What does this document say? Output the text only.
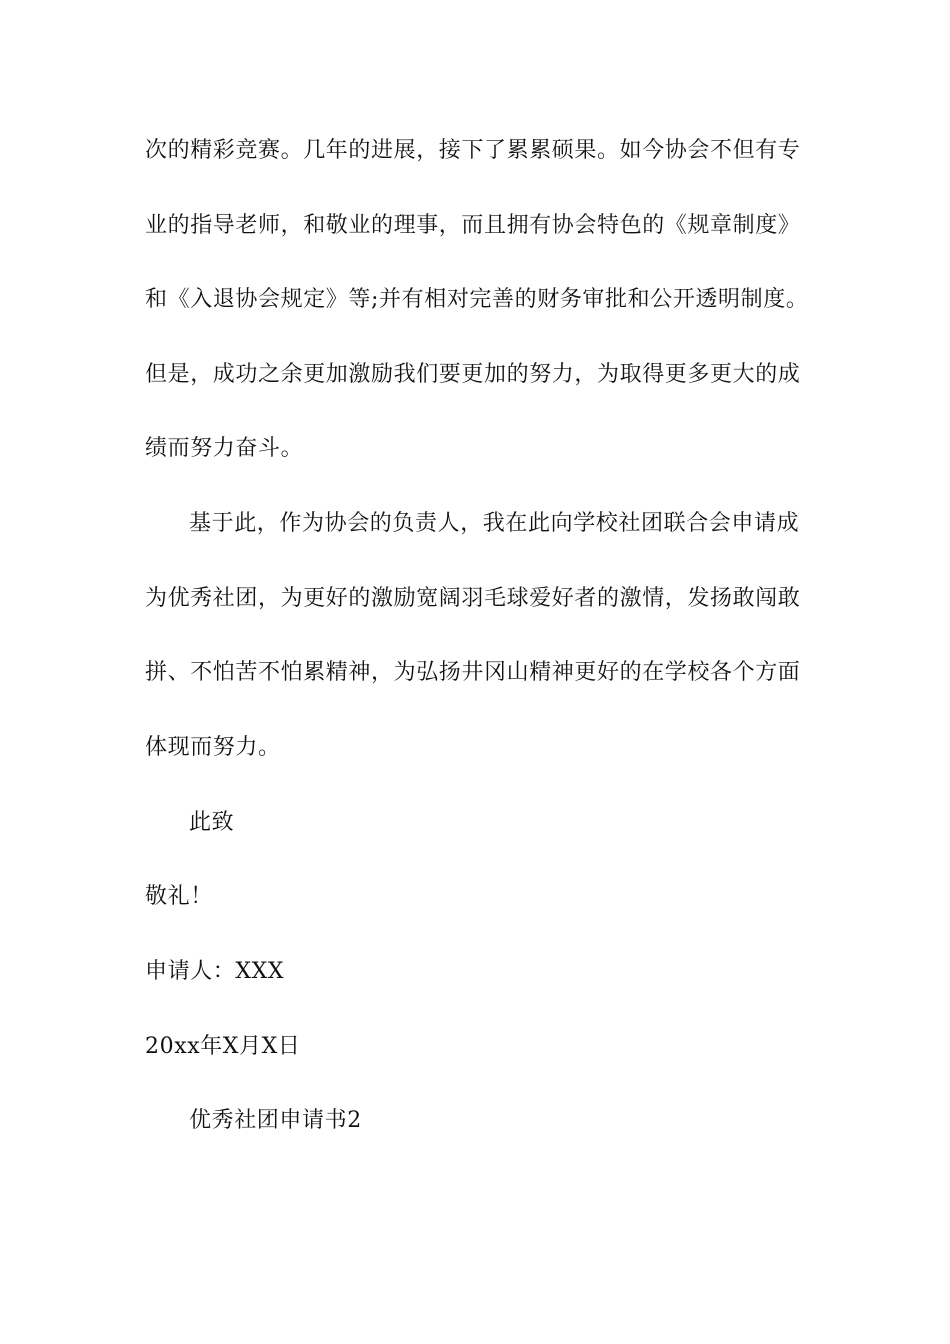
次的精彩竞赛。几年的进展，接下了累累硕果。如今协会不但有专
业的指导老师，和敬业的理事，而且拥有协会特色的《规章制度》
和《入退协会规定》等;并有相对完善的财务审批和公开透明制度。
但是，成功之余更加激励我们要更加的努力，为取得更多更大的成
绩而努力奋斗。
基于此，作为协会的负责人，我在此向学校社团联合会申请成
为优秀社团，为更好的激励宽阔羽毛球爱好者的激情，发扬敢闯敢
拼、不怕苦不怕累精神，为弘扬井冈山精神更好的在学校各个方面
体现而努力。
此致
敬礼！
申请人：XXX
20xx年X月X日
优秀社团申请书2
